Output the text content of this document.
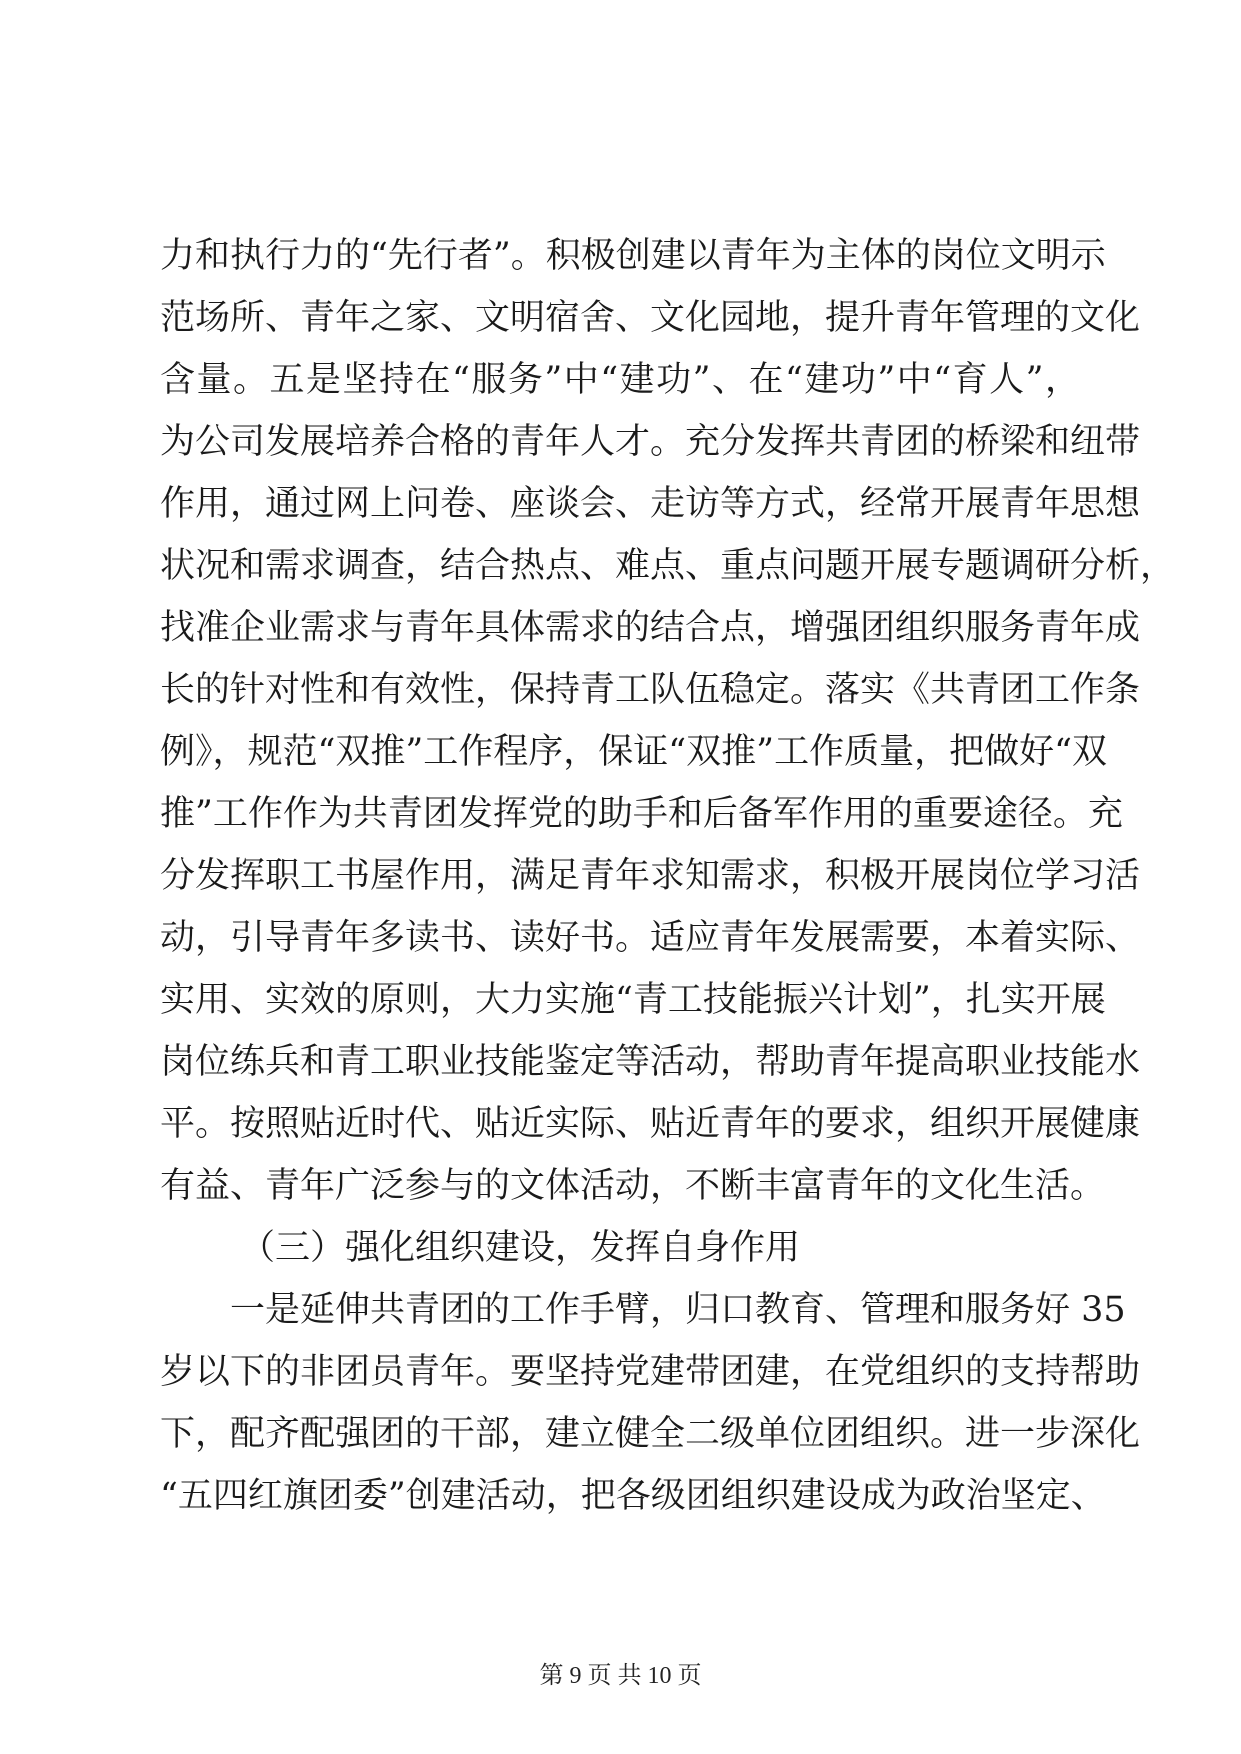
力和执行力的“先行者”。积极创建以青年为主体的岗位文明示
范场所、青年之家、文明宿舍、文化园地，提升青年管理的文化
含量。五是坚持在“服务”中“建功”、在“建功”中“育人”，
为公司发展培养合格的青年人才。充分发挥共青团的桥梁和纽带
作用，通过网上问卷、座谈会、走访等方式，经常开展青年思想
状况和需求调查，结合热点、难点、重点问题开展专题调研分析，
找准企业需求与青年具体需求的结合点，增强团组织服务青年成
长的针对性和有效性，保持青工队伍稳定。落实《共青团工作条
例》，规范“双推”工作程序，保证“双推”工作质量，把做好“双
推”工作作为共青团发挥党的助手和后备军作用的重要途径。充
分发挥职工书屋作用，满足青年求知需求，积极开展岗位学习活
动，引导青年多读书、读好书。适应青年发展需要，本着实际、
实用、实效的原则，大力实施“青工技能振兴计划”，扎实开展
岗位练兵和青工职业技能鉴定等活动，帮助青年提高职业技能水
平。按照贴近时代、贴近实际、贴近青年的要求，组织开展健康
有益、青年广泛参与的文体活动，不断丰富青年的文化生活。
（三）强化组织建设，发挥自身作用
一是延伸共青团的工作手臂，归口教育、管理和服务好 35
岁以下的非团员青年。要坚持党建带团建，在党组织的支持帮助
下，配齐配强团的干部，建立健全二级单位团组织。进一步深化
“五四红旗团委”创建活动，把各级团组织建设成为政治坚定、
第 9 页 共 10 页
